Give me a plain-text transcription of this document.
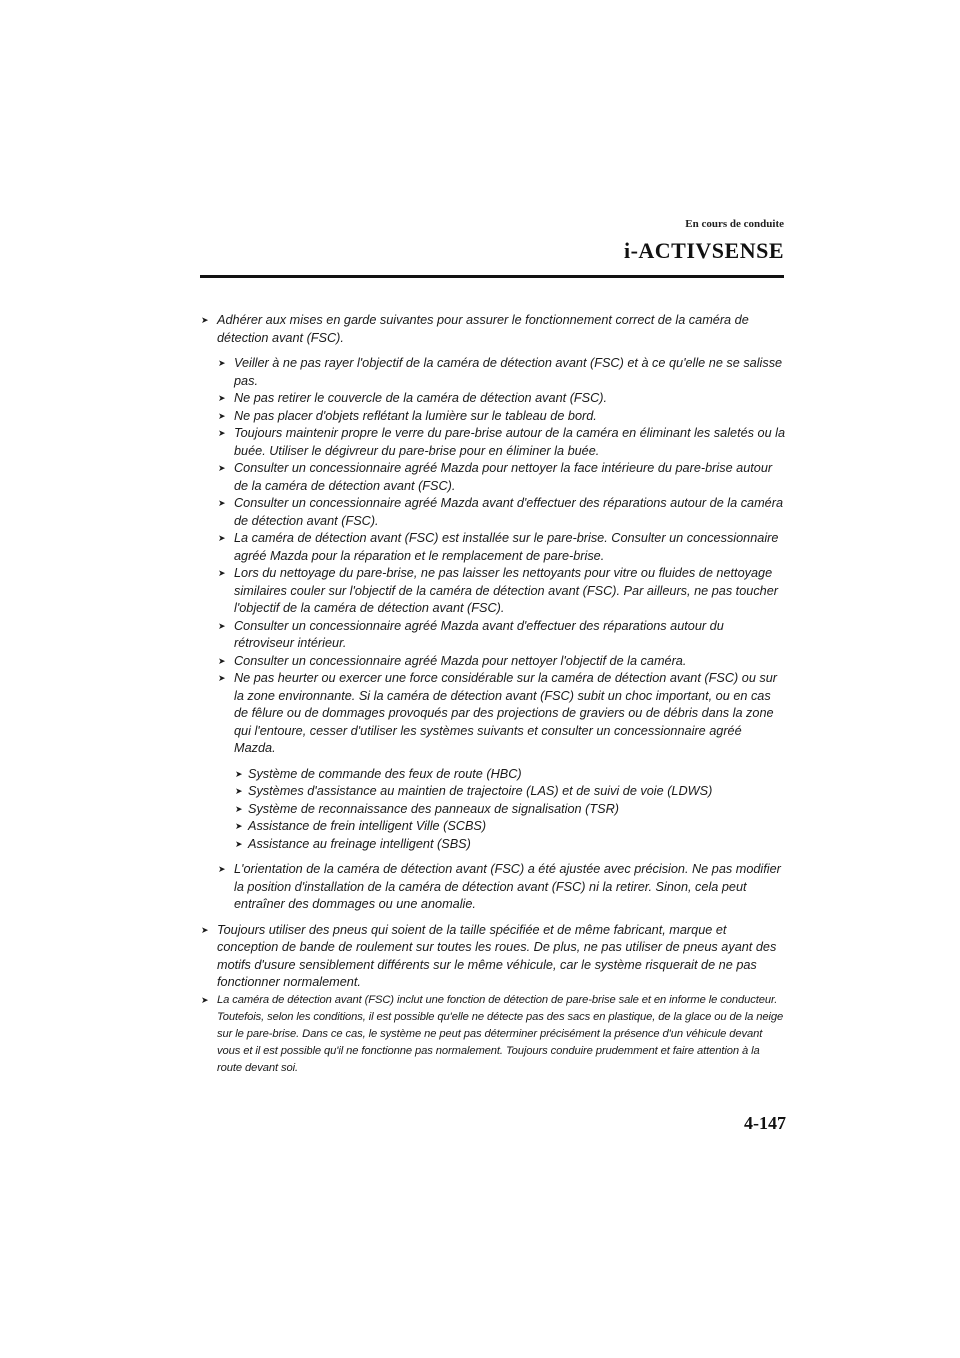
En cours de conduite
i-ACTIVSENSE
➤ Adhérer aux mises en garde suivantes pour assurer le fonctionnement correct de la caméra de détection avant (FSC).
➤ Veiller à ne pas rayer l'objectif de la caméra de détection avant (FSC) et à ce qu'elle ne se salisse pas.
➤ Ne pas retirer le couvercle de la caméra de détection avant (FSC).
➤ Ne pas placer d'objets reflétant la lumière sur le tableau de bord.
➤ Toujours maintenir propre le verre du pare-brise autour de la caméra en éliminant les saletés ou la buée. Utiliser le dégivreur du pare-brise pour en éliminer la buée.
➤ Consulter un concessionnaire agréé Mazda pour nettoyer la face intérieure du pare-brise autour de la caméra de détection avant (FSC).
➤ Consulter un concessionnaire agréé Mazda avant d'effectuer des réparations autour de la caméra de détection avant (FSC).
➤ La caméra de détection avant (FSC) est installée sur le pare-brise. Consulter un concessionnaire agréé Mazda pour la réparation et le remplacement de pare-brise.
➤ Lors du nettoyage du pare-brise, ne pas laisser les nettoyants pour vitre ou fluides de nettoyage similaires couler sur l'objectif de la caméra de détection avant (FSC). Par ailleurs, ne pas toucher l'objectif de la caméra de détection avant (FSC).
➤ Consulter un concessionnaire agréé Mazda avant d'effectuer des réparations autour du rétroviseur intérieur.
➤ Consulter un concessionnaire agréé Mazda pour nettoyer l'objectif de la caméra.
➤ Ne pas heurter ou exercer une force considérable sur la caméra de détection avant (FSC) ou sur la zone environnante. Si la caméra de détection avant (FSC) subit un choc important, ou en cas de fêlure ou de dommages provoqués par des projections de graviers ou de débris dans la zone qui l'entoure, cesser d'utiliser les systèmes suivants et consulter un concessionnaire agréé Mazda.
➤ Système de commande des feux de route (HBC)
➤ Systèmes d'assistance au maintien de trajectoire (LAS) et de suivi de voie (LDWS)
➤ Système de reconnaissance des panneaux de signalisation (TSR)
➤ Assistance de frein intelligent Ville (SCBS)
➤ Assistance au freinage intelligent (SBS)
➤ L'orientation de la caméra de détection avant (FSC) a été ajustée avec précision. Ne pas modifier la position d'installation de la caméra de détection avant (FSC) ni la retirer. Sinon, cela peut entraîner des dommages ou une anomalie.
➤ Toujours utiliser des pneus qui soient de la taille spécifiée et de même fabricant, marque et conception de bande de roulement sur toutes les roues. De plus, ne pas utiliser de pneus ayant des motifs d'usure sensiblement différents sur le même véhicule, car le système risquerait de ne pas fonctionner normalement.
➤ La caméra de détection avant (FSC) inclut une fonction de détection de pare-brise sale et en informe le conducteur. Toutefois, selon les conditions, il est possible qu'elle ne détecte pas des sacs en plastique, de la glace ou de la neige sur le pare-brise. Dans ce cas, le système ne peut pas déterminer précisément la présence d'un véhicule devant vous et il est possible qu'il ne fonctionne pas normalement. Toujours conduire prudemment et faire attention à la route devant soi.
4-147
